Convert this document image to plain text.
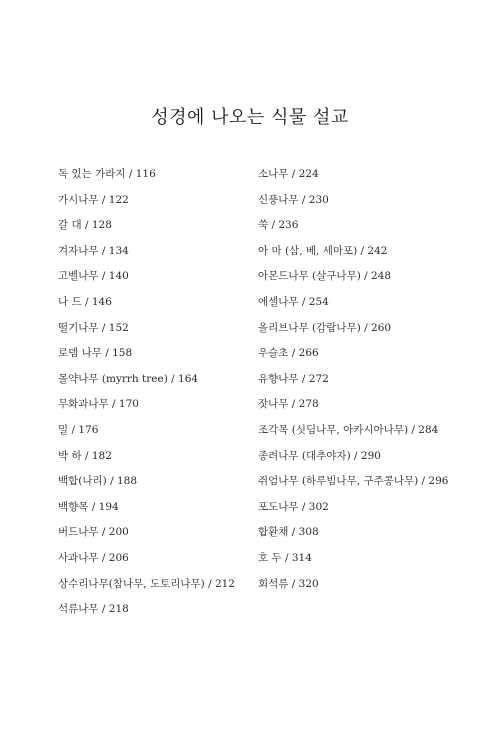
성경에 나오는 식물 설교
독 있는 가라지 / 116
가시나무 / 122
갈 대 / 128
겨자나무 / 134
고벨나무 / 140
나 드 / 146
떨기나무 / 152
로뎀 나무 / 158
몰약나무 (myrrh tree) / 164
무화과나무 / 170
밀 / 176
박 하 / 182
백합(나리) / 188
백향목 / 194
버드나무 / 200
사과나무 / 206
상수리나무(참나무, 도토리나무) / 212
석류나무 / 218
소나무 / 224
신풍나무 / 230
쑥 / 236
아 마 (삼, 베, 세마포) / 242
아몬드나무 (살구나무) / 248
에셀나무 / 254
올리브나무 (감람나무) / 260
우슬초 / 266
유향나무 / 272
잣나무 / 278
조각목 (싯딤나무, 아카시아나무) / 284
종려나무 (대추야자) / 290
쥐엄나무 (하루빔나무, 구주콩나무) / 296
포도나무 / 302
합환채 / 308
호 두 / 314
회석류 / 320
